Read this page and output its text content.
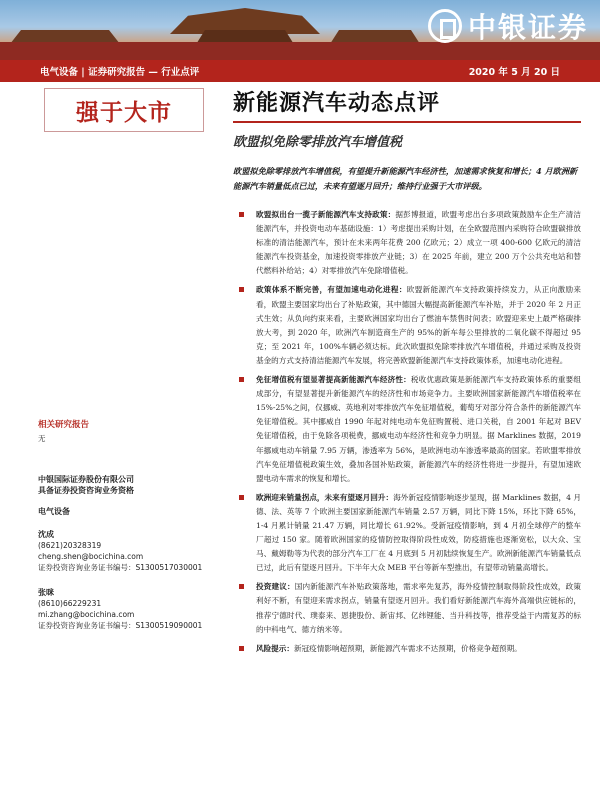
中银证券
电气设备 | 证券研究报告 — 行业点评	2020 年 5 月 20 日
强于大市	新能源汽车动态点评
欧盟拟免除零排放汽车增值税
欧盟拟免除零排放汽车增值税，有望提升新能源汽车经济性，加速需求恢复和增长；4 月欧洲新能源汽车销量低点已过，未来有望逐月回升；维持行业强于大市评级。
欧盟拟出台一揽子新能源汽车支持政策：据彭博报道，欧盟考虑出台多项政策鼓励车企生产清洁能源汽车，并投资电动车基础设施：1）考虑提出采购计划，在全欧盟范围内采购符合欧盟碳排放标准的清洁能源汽车，预计在未来两年花费 200 亿欧元；2）成立一项 400-600 亿欧元的清洁能源汽车投资基金，加速投资零排放产业链；3）在 2025 年前，建立 200 万个公共充电站和替代燃料补给站；4）对零排放汽车免除增值税。
政策体系不断完善，有望加速电动化进程：欧盟新能源汽车支持政策持续发力，从正向激励来看，欧盟主要国家均出台了补贴政策，其中德国大幅提高新能源汽车补贴，并于 2020 年 2 月正式生效；从负向约束来看，主要欧洲国家均出台了燃油车禁售时间表；欧盟迎来史上最严格碳排放大考，到 2020 年，欧洲汽车制造商生产的 95%的新车每公里排放的二氧化碳不得超过 95 克；至 2021 年，100%车辆必须达标。此次欧盟拟免除零排放汽车增值税，并通过采购及投资基金的方式支持清洁能源汽车发展，将完善欧盟新能源汽车支持政策体系，加速电动化进程。
免征增值税有望显著提高新能源汽车经济性：税收优惠政策是新能源汽车支持政策体系的重要组成部分，有望显著提升新能源汽车的经济性和市场竞争力。主要欧洲国家新能源汽车增值税率在 15%-25%之间，仅挪威、英地利对零排放汽车免征增值税，葡萄牙对部分符合条件的新能源汽车免征增值税。其中挪威自 1990 年起对纯电动车免征购置税、进口关税，自 2001 年起对 BEV 免征增值税，由于免除各项税费，挪威电动车经济性和竞争力明显。据 Marklines 数据，2019 年挪威电动车销量 7.95 万辆，渗透率为 56%，是欧洲电动车渗透率最高的国家。若欧盟零排放汽车免征增值税政策生效，叠加各国补贴政策，新能源汽车的经济性将进一步提升，有望加速欧盟电动车需求的恢复和增长。
欧洲迎来销量拐点，未来有望逐月回升：海外新冠疫情影响逐步显现，据 Marklines 数据，4 月德、法、英等 7 个欧洲主要国家新能源汽车销量 2.57 万辆，同比下降 15%，环比下降 65%，1-4 月累计销量 21.47 万辆，同比增长 61.92%。受新冠疫情影响，到 4 月初全球停产的整车厂超过 150 家。随着欧洲国家的疫情防控取得阶段性成效，防疫措施也逐渐宽松，以大众、宝马、戴姆勒等为代表的部分汽车工厂在 4 月底到 5 月初陆续恢复生产。欧洲新能源汽车销量低点已过，此后有望逐月回升。下半年大众 MEB 平台等新车型推出，有望带动销量高增长。
投资建议：国内新能源汽车补贴政策落地，需求率先复苏，海外疫情控制取得阶段性成效，政策利好不断，有望迎来需求拐点，销量有望逐月回升。我们看好新能源汽车海外高端供应链标的，推荐宁德时代、璞泰来、恩捷股份、新宙邦、亿纬锂能、当升科技等，推荐受益于内需复苏的标的中科电气、德方纳米等。
风险提示：新冠疫情影响超预期，新能源汽车需求不达预期，价格竞争超预期。
相关研究报告
无
中银国际证券股份有限公司
具备证券投资咨询业务资格
电气设备
沈成
(8621)20328319
cheng.shen@bocichina.com
证券投资咨询业务证书编号：S1300517030001
张咪
(8610)66229231
mi.zhang@bocichina.com
证券投资咨询业务证书编号：S1300519090001
